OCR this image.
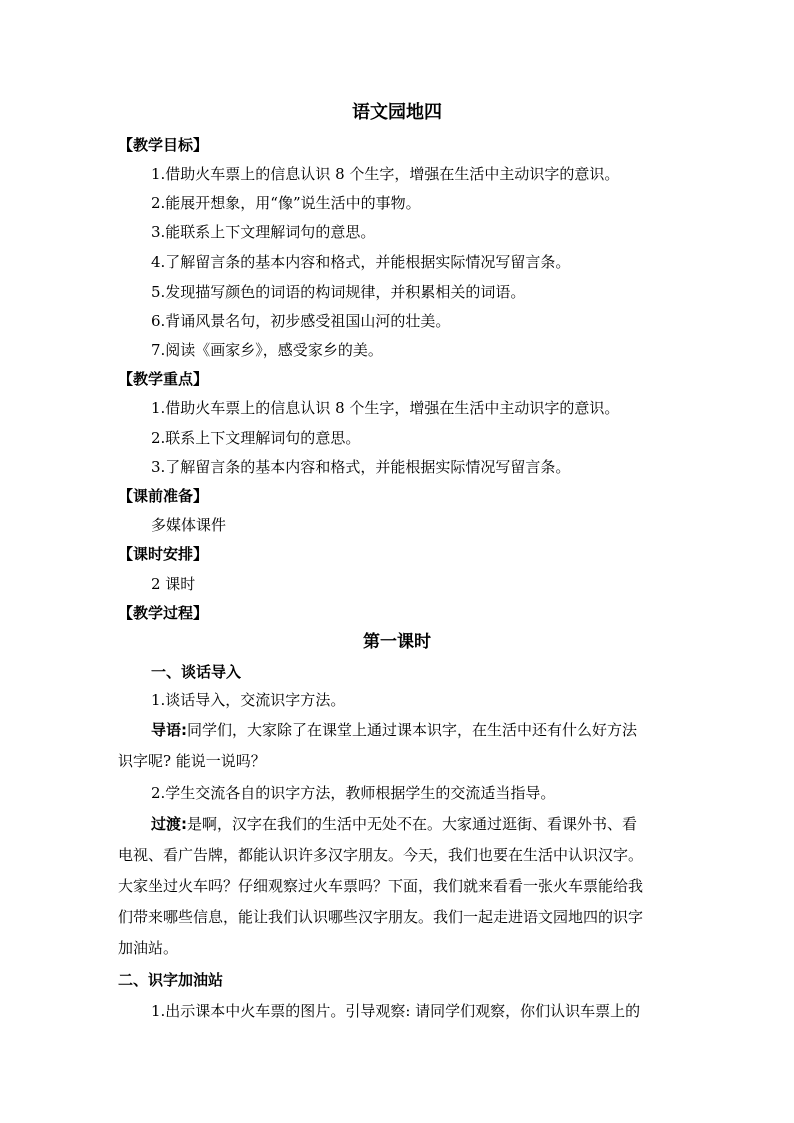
语文园地四
【教学目标】
1.借助火车票上的信息认识 8 个生字，增强在生活中主动识字的意识。
2.能展开想象，用“像”说生活中的事物。
3.能联系上下文理解词句的意思。
4.了解留言条的基本内容和格式，并能根据实际情况写留言条。
5.发现描写颜色的词语的构词规律，并积累相关的词语。
6.背诵风景名句，初步感受祖国山河的壮美。
7.阅读《画家乡》，感受家乡的美。
【教学重点】
1.借助火车票上的信息认识 8 个生字，增强在生活中主动识字的意识。
2.联系上下文理解词句的意思。
3.了解留言条的基本内容和格式，并能根据实际情况写留言条。
【课前准备】
多媒体课件
【课时安排】
2 课时
【教学过程】
第一课时
一、谈话导入
1.谈话导入，交流识字方法。
导语:同学们，大家除了在课堂上通过课本识字，在生活中还有什么好方法
识字呢? 能说一说吗？
2.学生交流各自的识字方法，教师根据学生的交流适当指导。
过渡:是啊，汉字在我们的生活中无处不在。大家通过逛街、看课外书、看
电视、看广告牌，都能认识许多汉字朋友。今天，我们也要在生活中认识汉字。
大家坐过火车吗？仔细观察过火车票吗？下面，我们就来看看一张火车票能给我
们带来哪些信息，能让我们认识哪些汉字朋友。我们一起走进语文园地四的识字
加油站。
二、识字加油站
1.出示课本中火车票的图片。引导观察: 请同学们观察，你们认识车票上的
